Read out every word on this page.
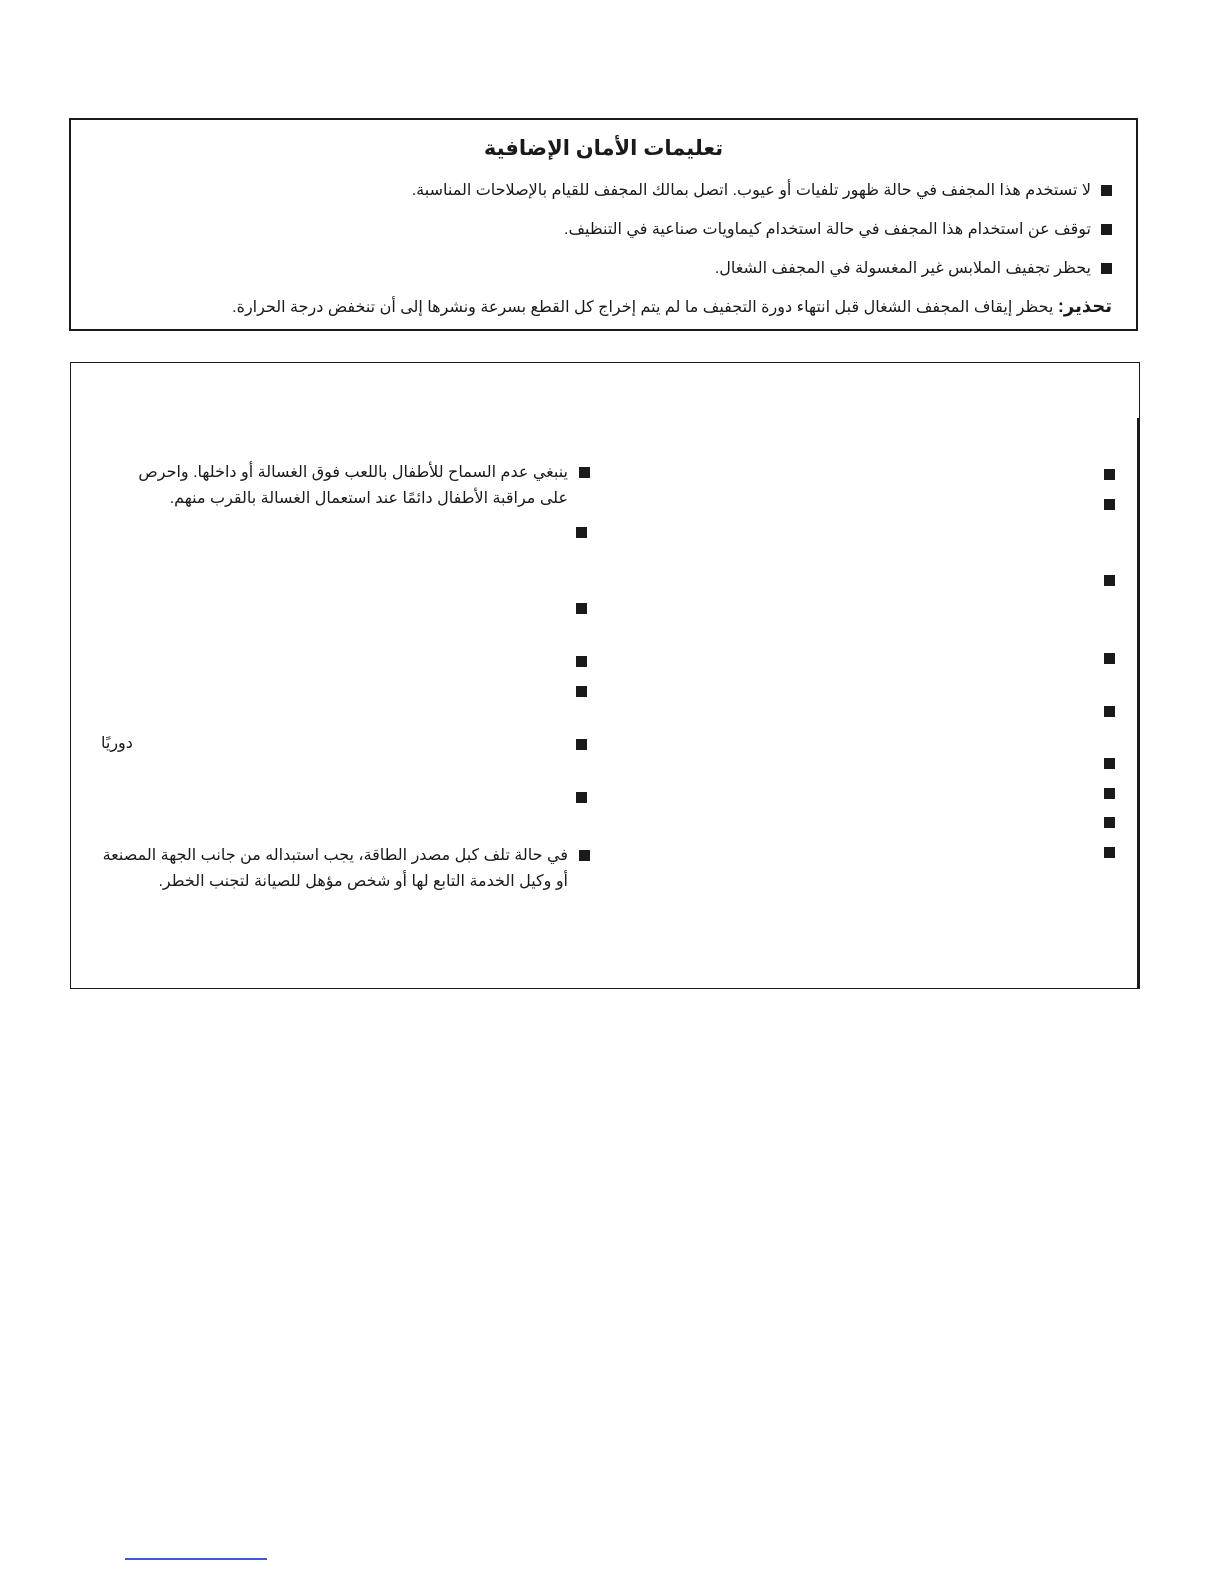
تعليمات الأمان الإضافية
لا تستخدم هذا المجفف في حالة ظهور تلفيات أو عيوب. اتصل بمالك المجفف للقيام بالإصلاحات المناسبة.
توقف عن استخدام هذا المجفف في حالة استخدام كيماويات صناعية في التنظيف.
يحظر تجفيف الملابس غير المغسولة في المجفف الشغال.
تحذير: يحظر إيقاف المجفف الشغال قبل انتهاء دورة التجفيف ما لم يتم إخراج كل القطع بسرعة ونشرها إلى أن تنخفض درجة الحرارة.
ينبغي عدم السماح للأطفال باللعب فوق الغسالة أو داخلها. واحرص
على مراقبة الأطفال دائمًا عند استعمال الغسالة بالقرب منهم.
دوريًا
في حالة تلف كبل مصدر الطاقة، يجب استبداله من جانب الجهة المصنعة
أو وكيل الخدمة التابع لها أو شخص مؤهل للصيانة لتجنب الخطر.
